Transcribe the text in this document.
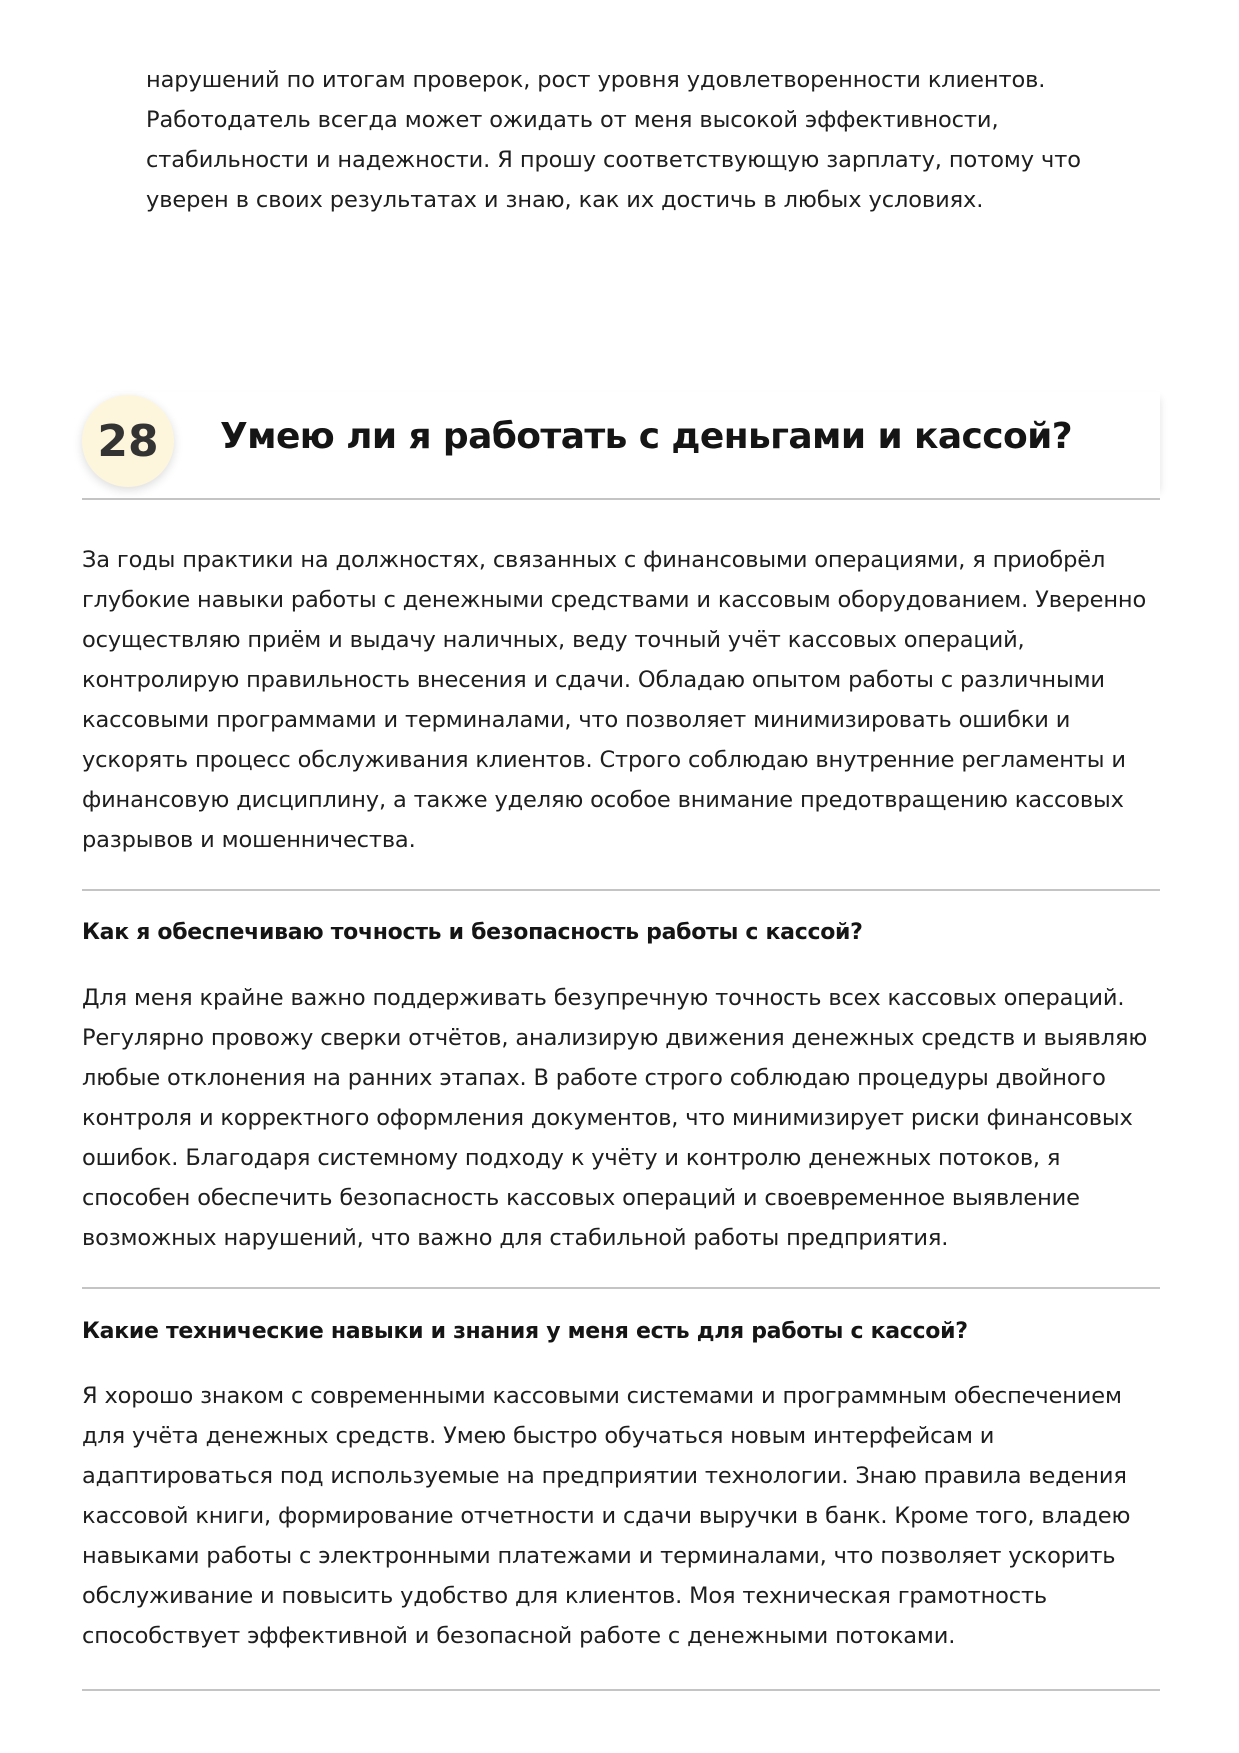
нарушений по итогам проверок, рост уровня удовлетворенности клиентов. Работодатель всегда может ожидать от меня высокой эффективности, стабильности и надежности. Я прошу соответствующую зарплату, потому что уверен в своих результатах и знаю, как их достичь в любых условиях.

28	Умею ли я работать с деньгами и кассой?

За годы практики на должностях, связанных с финансовыми операциями, я приобрёл глубокие навыки работы с денежными средствами и кассовым оборудованием. Уверенно осуществляю приём и выдачу наличных, веду точный учёт кассовых операций, контролирую правильность внесения и сдачи. Обладаю опытом работы с различными кассовыми программами и терминалами, что позволяет минимизировать ошибки и ускорять процесс обслуживания клиентов. Строго соблюдаю внутренние регламенты и финансовую дисциплину, а также уделяю особое внимание предотвращению кассовых разрывов и мошенничества.

Как я обеспечиваю точность и безопасность работы с кассой?

Для меня крайне важно поддерживать безупречную точность всех кассовых операций. Регулярно провожу сверки отчётов, анализирую движения денежных средств и выявляю любые отклонения на ранних этапах. В работе строго соблюдаю процедуры двойного контроля и корректного оформления документов, что минимизирует риски финансовых ошибок. Благодаря системному подходу к учёту и контролю денежных потоков, я способен обеспечить безопасность кассовых операций и своевременное выявление возможных нарушений, что важно для стабильной работы предприятия.

Какие технические навыки и знания у меня есть для работы с кассой?

Я хорошо знаком с современными кассовыми системами и программным обеспечением для учёта денежных средств. Умею быстро обучаться новым интерфейсам и адаптироваться под используемые на предприятии технологии. Знаю правила ведения кассовой книги, формирование отчетности и сдачи выручки в банк. Кроме того, владею навыками работы с электронными платежами и терминалами, что позволяет ускорить обслуживание и повысить удобство для клиентов. Моя техническая грамотность способствует эффективной и безопасной работе с денежными потоками.
